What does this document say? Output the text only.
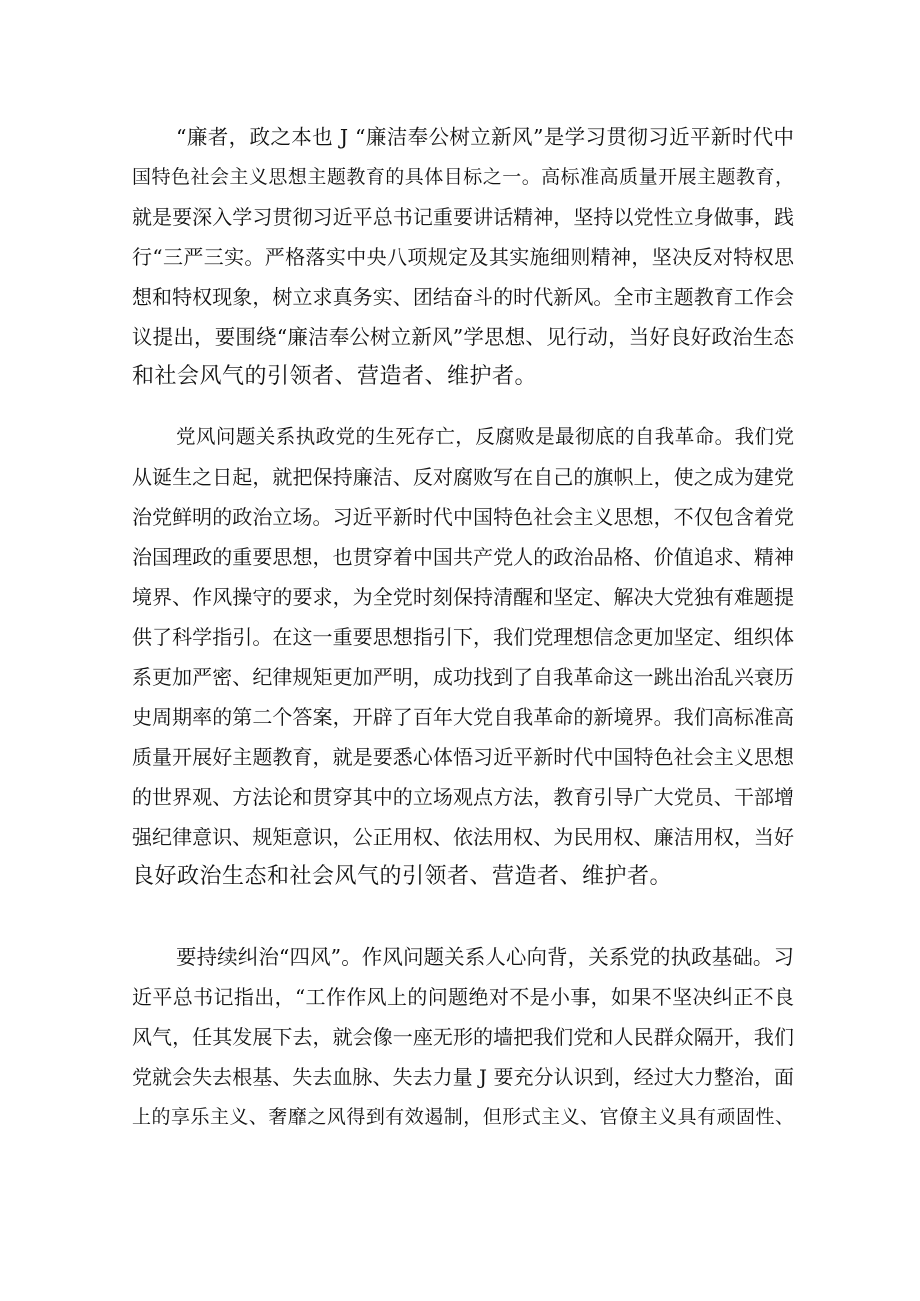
“廉者，政之本也 J “廉洁奉公树立新风”是学习贯彻习近平新时代中
国特色社会主义思想主题教育的具体目标之一。高标准高质量开展主题教育，
就是要深入学习贯彻习近平总书记重要讲话精神，坚持以党性立身做事，践
行“三严三实。严格落实中央八项规定及其实施细则精神，坚决反对特权思
想和特权现象，树立求真务实、团结奋斗的时代新风。全市主题教育工作会
议提出，要围绕“廉洁奉公树立新风”学思想、见行动，当好良好政治生态
和社会风气的引领者、营造者、维护者。
党风问题关系执政党的生死存亡，反腐败是最彻底的自我革命。我们党
从诞生之日起，就把保持廉洁、反对腐败写在自己的旗帜上，使之成为建党
治党鲜明的政治立场。习近平新时代中国特色社会主义思想，不仅包含着党
治国理政的重要思想，也贯穿着中国共产党人的政治品格、价值追求、精神
境界、作风操守的要求，为全党时刻保持清醒和坚定、解决大党独有难题提
供了科学指引。在这一重要思想指引下，我们党理想信念更加坚定、组织体
系更加严密、纪律规矩更加严明，成功找到了自我革命这一跳出治乱兴衰历
史周期率的第二个答案，开辟了百年大党自我革命的新境界。我们高标准高
质量开展好主题教育，就是要悉心体悟习近平新时代中国特色社会主义思想
的世界观、方法论和贯穿其中的立场观点方法，教育引导广大党员、干部增
强纪律意识、规矩意识，公正用权、依法用权、为民用权、廉洁用权，当好
良好政治生态和社会风气的引领者、营造者、维护者。
要持续纠治“四风”。作风问题关系人心向背，关系党的执政基础。习
近平总书记指出，“工作作风上的问题绝对不是小事，如果不坚决纠正不良
风气，任其发展下去，就会像一座无形的墙把我们党和人民群众隔开，我们
党就会失去根基、失去血脉、失去力量 J 要充分认识到，经过大力整治，面
上的享乐主义、奢靡之风得到有效遏制，但形式主义、官僚主义具有顽固性、
